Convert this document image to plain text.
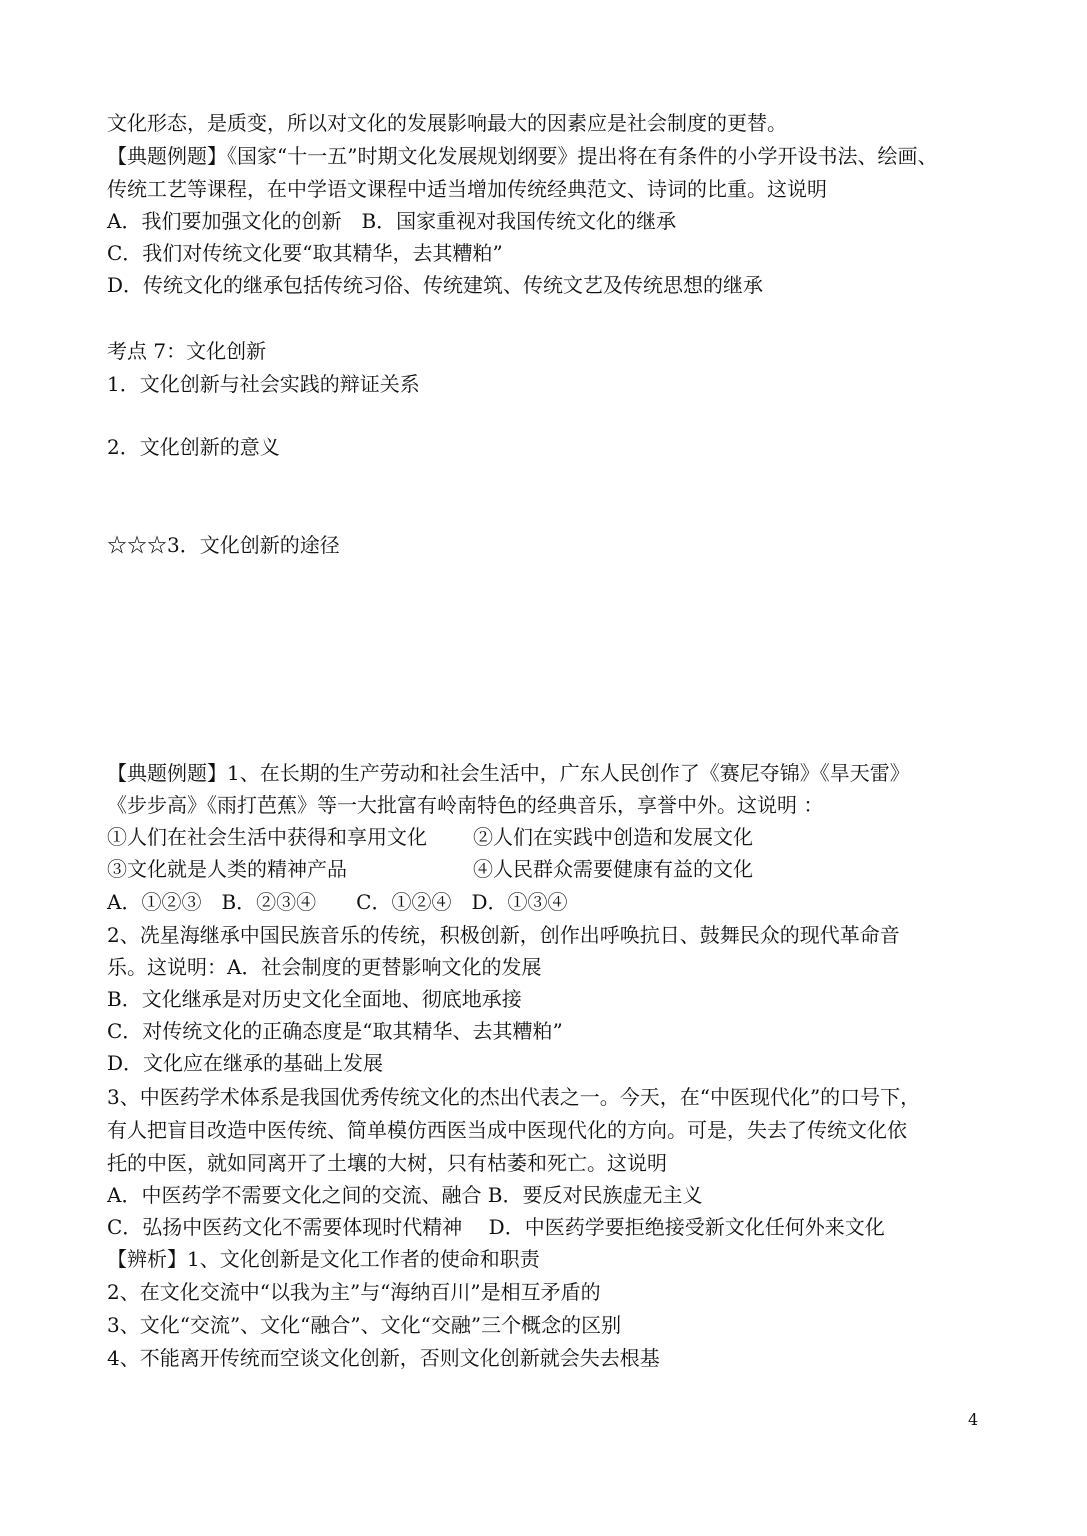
文化形态，是质变，所以对文化的发展影响最大的因素应是社会制度的更替。

【典题例题】《国家“十一五”时期文化发展规划纲要》提出将在有条件的小学开设书法、绘画、

传统工艺等课程，在中学语文课程中适当增加传统经典范文、诗词的比重。这说明

A．我们要加强文化的创新　B．国家重视对我国传统文化的继承

C．我们对传统文化要“取其精华，去其糟粕”

D．传统文化的继承包括传统习俗、传统建筑、传统文艺及传统思想的继承

考点 7：文化创新

1．文化创新与社会实践的辩证关系

2．文化创新的意义

☆☆☆3．文化创新的途径

【典题例题】1、在长期的生产劳动和社会生活中，广东人民创作了《赛尼夺锦》《旱天雷》

《步步高》《雨打芭蕉》等一大批富有岭南特色的经典音乐，享誉中外。这说明 ：

①人们在社会生活中获得和享用文化 ②人们在实践中创造和发展文化
③文化就是人类的精神产品	④人民群众需要健康有益的文化

A．①②③　B．②③④　　C．①②④　D．①③④

2、冼星海继承中国民族音乐的传统，积极创新，创作出呼唤抗日、鼓舞民众的现代革命音

乐。这说明：A．社会制度的更替影响文化的发展

B．文化继承是对历史文化全面地、彻底地承接

C．对传统文化的正确态度是“取其精华、去其糟粕”

D．文化应在继承的基础上发展

3、中医药学术体系是我国优秀传统文化的杰出代表之一。今天，在“中医现代化”的口号下，

有人把盲目改造中医传统、简单模仿西医当成中医现代化的方向。可是，失去了传统文化依

托的中医，就如同离开了土壤的大树，只有枯萎和死亡。这说明

A．中医药学不需要文化之间的交流、融合 B．要反对民族虚无主义

C．弘扬中医药文化不需要体现时代精神　 D．中医药学要拒绝接受新文化任何外来文化

【辨析】1、文化创新是文化工作者的使命和职责

2、在文化交流中“以我为主”与“海纳百川”是相互矛盾的

3、文化“交流”、文化“融合”、文化“交融”三个概念的区别

4、不能离开传统而空谈文化创新，否则文化创新就会失去根基

4
